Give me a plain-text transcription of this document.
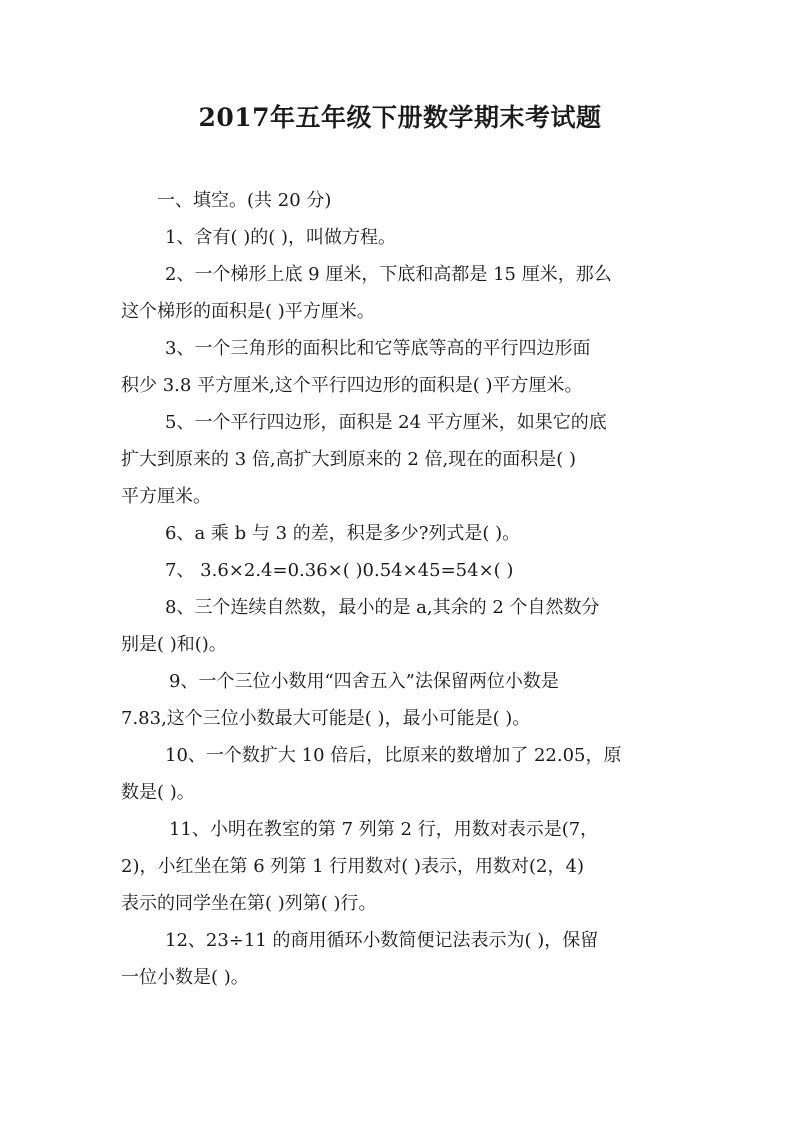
2017年五年级下册数学期末考试题

一、填空。(共 20 分)

1、含有( )的( )，叫做方程。
2、一个梯形上底 9 厘米，下底和高都是 15 厘米，那么
这个梯形的面积是( )平方厘米。
3、一个三角形的面积比和它等底等高的平行四边形面
积少 3.8 平方厘米,这个平行四边形的面积是( )平方厘米。
5、一个平行四边形，面积是 24 平方厘米，如果它的底
扩大到原来的 3 倍,高扩大到原来的 2 倍,现在的面积是( )
平方厘米。
6、a 乘 b 与 3 的差，积是多少?列式是( )。
7、 3.6×2.4=0.36×( )0.54×45=54×( )
8、三个连续自然数，最小的是 a,其余的 2 个自然数分
别是( )和()。
9、一个三位小数用“四舍五入”法保留两位小数是
7.83,这个三位小数最大可能是( )，最小可能是( )。
10、一个数扩大 10 倍后，比原来的数增加了 22.05，原
数是( )。
11、小明在教室的第 7 列第 2 行，用数对表示是(7，
2)，小红坐在第 6 列第 1 行用数对( )表示，用数对(2，4)
表示的同学坐在第( )列第( )行。
12、23÷11 的商用循环小数简便记法表示为( )，保留
一位小数是( )。
